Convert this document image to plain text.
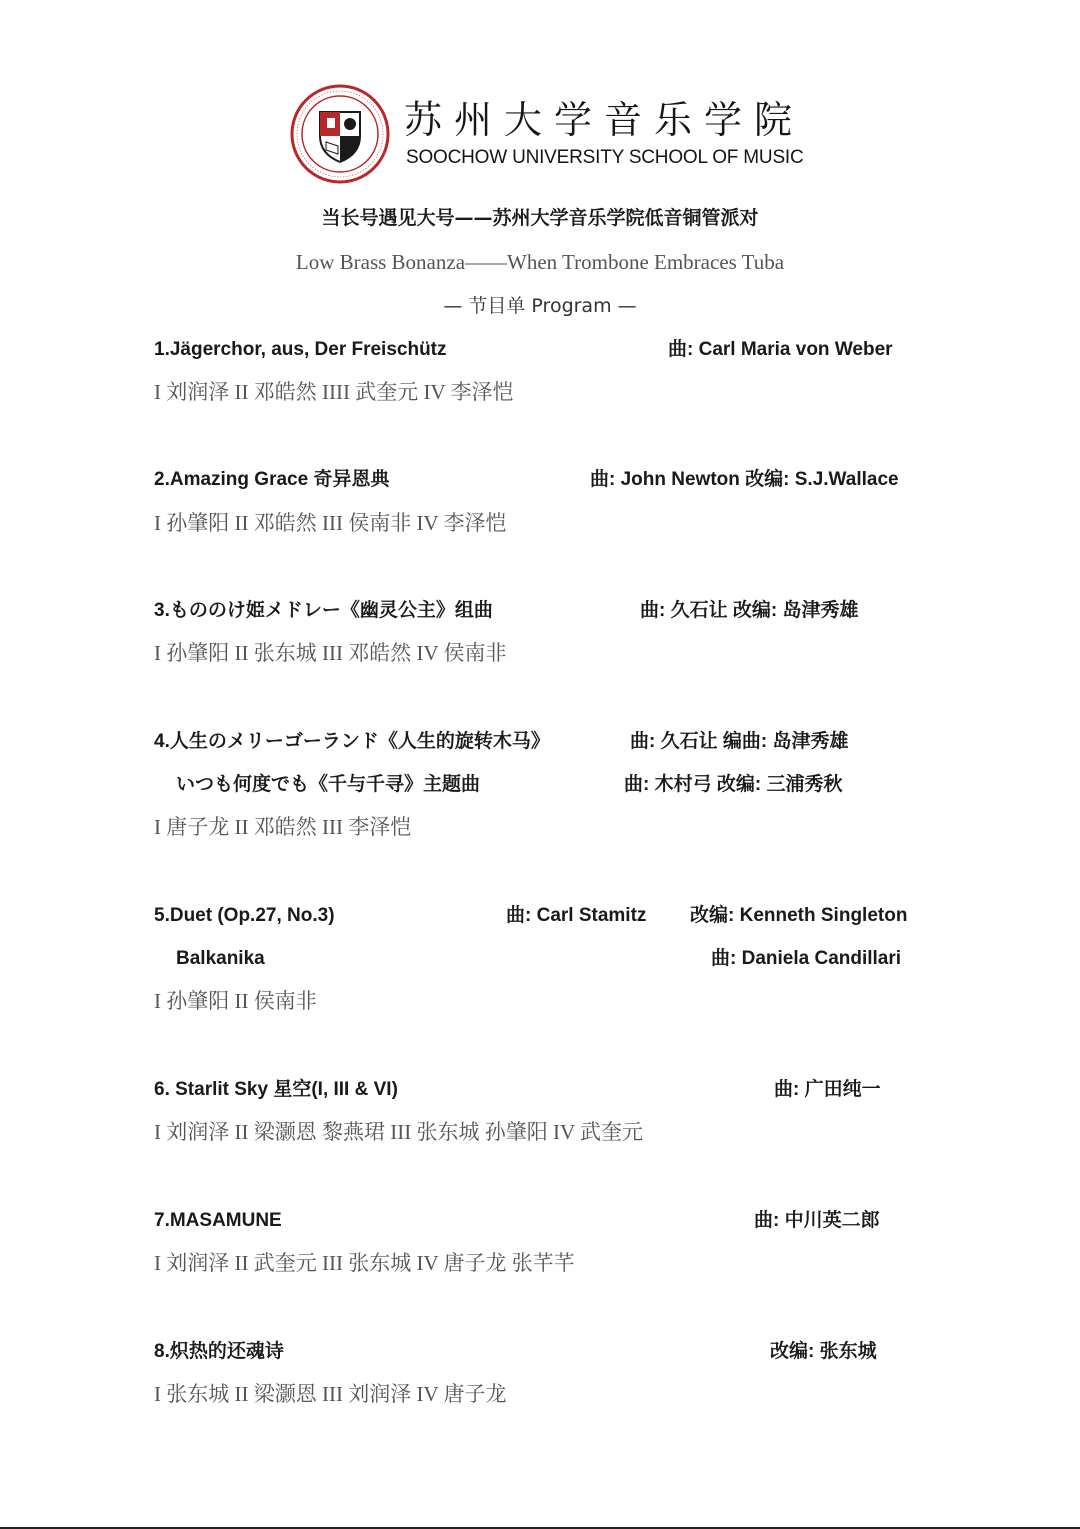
苏州大学音乐学院
SOOCHOW UNIVERSITY SCHOOL OF MUSIC
当长号遇见大号——苏州大学音乐学院低音铜管派对
Low Brass Bonanza——When Trombone Embraces Tuba
— 节目单 Program —
1.Jägerchor, aus, Der Freischütz	曲: Carl Maria von Weber
I 刘润泽 II 邓皓然 IIII 武奎元 IV 李泽恺
2.Amazing Grace 奇异恩典	曲: John Newton 改编: S.J.Wallace
I 孙肇阳 II 邓皓然 III 侯南非 IV 李泽恺
3.もののけ姫メドレー《幽灵公主》组曲	曲: 久石让 改编: 岛津秀雄
I 孙肇阳 II 张东城 III 邓皓然 IV 侯南非
4.人生のメリーゴーランド《人生的旋转木马》	曲: 久石让 编曲: 岛津秀雄
いつも何度でも《千与千寻》主题曲	曲: 木村弓 改编: 三浦秀秋
I 唐子龙 II 邓皓然 III 李泽恺
5.Duet (Op.27, No.3)	曲: Carl Stamitz 改编: Kenneth Singleton
Balkanika	曲: Daniela Candillari
I 孙肇阳 II 侯南非
6. Starlit Sky 星空(I, III & VI)	曲: 广田纯一
I 刘润泽 II 梁灏恩 黎燕珺 III 张东城 孙肇阳 IV 武奎元
7.MASAMUNE	曲: 中川英二郎
I 刘润泽 II 武奎元 III 张东城 IV 唐子龙 张芊芊
8.炽热的还魂诗	改编: 张东城
I 张东城 II 梁灏恩 III 刘润泽 IV 唐子龙
